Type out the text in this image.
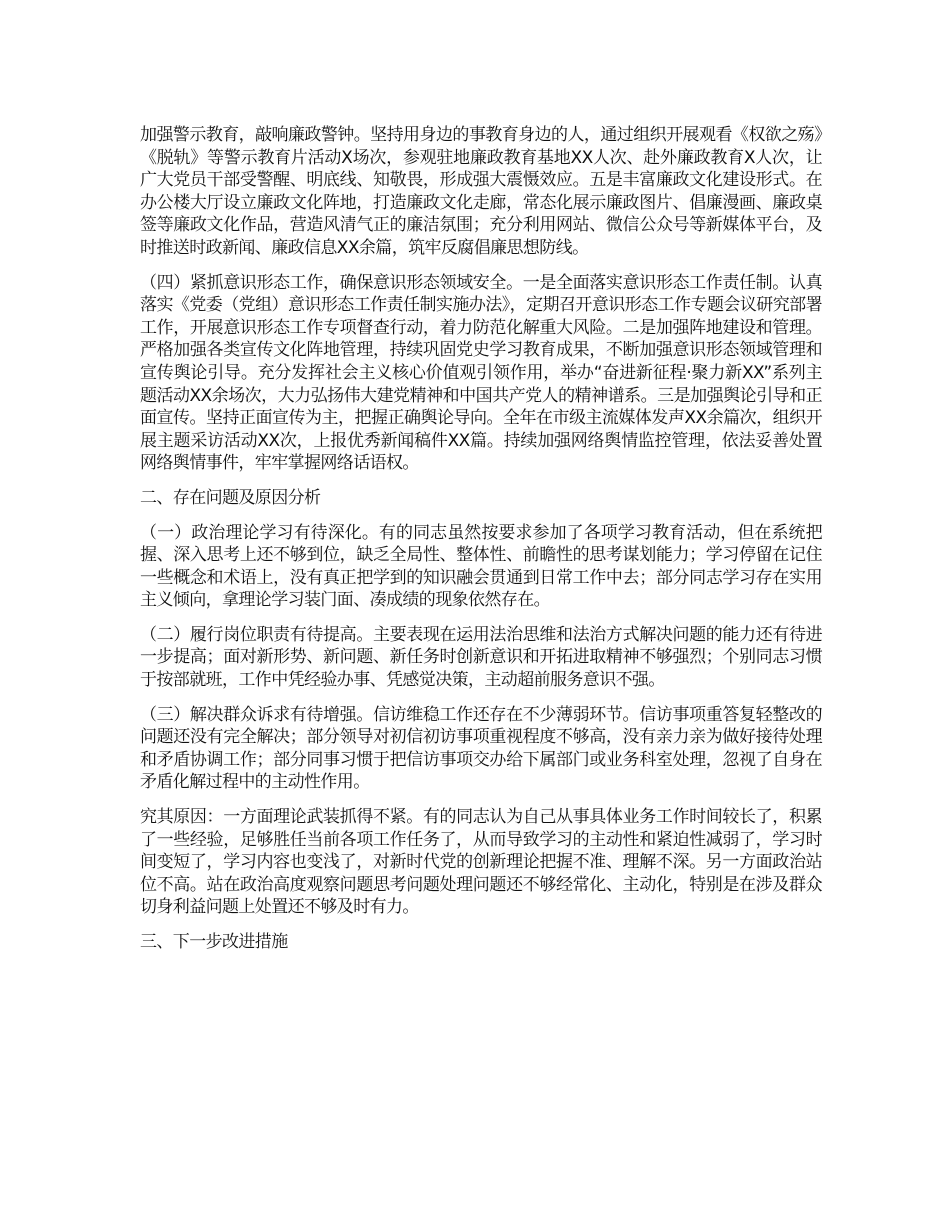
加强警示教育，敲响廉政警钟。坚持用身边的事教育身边的人，通过组织开展观看《权欲之殇》《脱轨》等警示教育片活动X场次，参观驻地廉政教育基地XX人次、赴外廉政教育X人次，让广大党员干部受警醒、明底线、知敬畏，形成强大震慑效应。五是丰富廉政文化建设形式。在办公楼大厅设立廉政文化阵地，打造廉政文化走廊，常态化展示廉政图片、倡廉漫画、廉政桌签等廉政文化作品，营造风清气正的廉洁氛围；充分利用网站、微信公众号等新媒体平台，及时推送时政新闻、廉政信息XX余篇，筑牢反腐倡廉思想防线。

（四）紧抓意识形态工作，确保意识形态领域安全。一是全面落实意识形态工作责任制。认真落实《党委（党组）意识形态工作责任制实施办法》，定期召开意识形态工作专题会议研究部署工作，开展意识形态工作专项督查行动，着力防范化解重大风险。二是加强阵地建设和管理。严格加强各类宣传文化阵地管理，持续巩固党史学习教育成果，不断加强意识形态领域管理和宣传舆论引导。充分发挥社会主义核心价值观引领作用，举办“奋进新征程·聚力新XX”系列主题活动XX余场次，大力弘扬伟大建党精神和中国共产党人的精神谱系。三是加强舆论引导和正面宣传。坚持正面宣传为主，把握正确舆论导向。全年在市级主流媒体发声XX余篇次，组织开展主题采访活动XX次，上报优秀新闻稿件XX篇。持续加强网络舆情监控管理，依法妥善处置网络舆情事件，牢牢掌握网络话语权。

二、存在问题及原因分析

（一）政治理论学习有待深化。有的同志虽然按要求参加了各项学习教育活动，但在系统把握、深入思考上还不够到位，缺乏全局性、整体性、前瞻性的思考谋划能力；学习停留在记住一些概念和术语上，没有真正把学到的知识融会贯通到日常工作中去；部分同志学习存在实用主义倾向，拿理论学习装门面、凑成绩的现象依然存在。

（二）履行岗位职责有待提高。主要表现在运用法治思维和法治方式解决问题的能力还有待进一步提高；面对新形势、新问题、新任务时创新意识和开拓进取精神不够强烈；个别同志习惯于按部就班，工作中凭经验办事、凭感觉决策，主动超前服务意识不强。

（三）解决群众诉求有待增强。信访维稳工作还存在不少薄弱环节。信访事项重答复轻整改的问题还没有完全解决；部分领导对初信初访事项重视程度不够高，没有亲力亲为做好接待处理和矛盾协调工作；部分同事习惯于把信访事项交办给下属部门或业务科室处理，忽视了自身在矛盾化解过程中的主动性作用。

究其原因：一方面理论武装抓得不紧。有的同志认为自己从事具体业务工作时间较长了，积累了一些经验，足够胜任当前各项工作任务了，从而导致学习的主动性和紧迫性减弱了，学习时间变短了，学习内容也变浅了，对新时代党的创新理论把握不准、理解不深。另一方面政治站位不高。站在政治高度观察问题思考问题处理问题还不够经常化、主动化，特别是在涉及群众切身利益问题上处置还不够及时有力。

三、下一步改进措施
